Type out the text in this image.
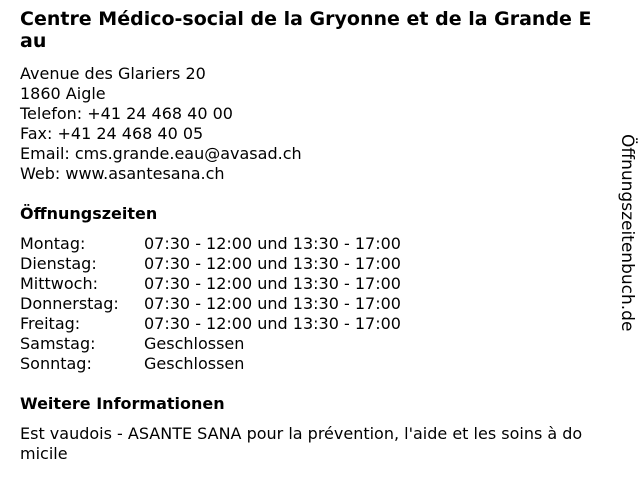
Centre Médico-social de la Gryonne et de la Grande Eau
Avenue des Glariers 20
1860 Aigle
Telefon: +41 24 468 40 00
Fax: +41 24 468 40 05
Email: cms.grande.eau@avasad.ch
Web: www.asantesana.ch
Öffnungszeiten
Montag:	07:30 - 12:00 und 13:30 - 17:00
Dienstag:	07:30 - 12:00 und 13:30 - 17:00
Mittwoch:	07:30 - 12:00 und 13:30 - 17:00
Donnerstag:	07:30 - 12:00 und 13:30 - 17:00
Freitag:	07:30 - 12:00 und 13:30 - 17:00
Samstag:	Geschlossen
Sonntag:	Geschlossen
Weitere Informationen
Est vaudois - ASANTE SANA pour la prévention, l'aide et les soins à domicile
Öffnungszeitenbuch.de
